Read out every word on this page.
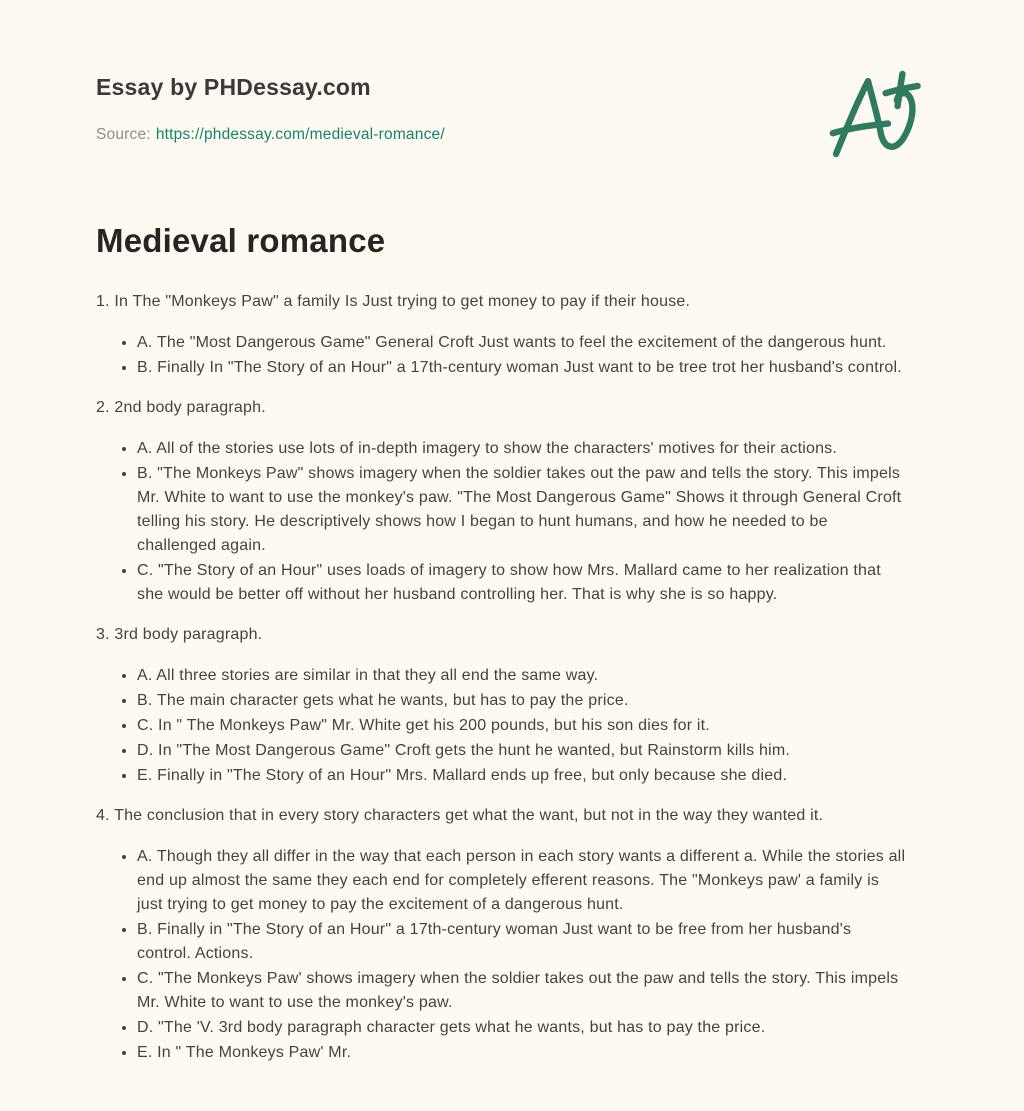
Essay by PHDessay.com

Source: https://phdessay.com/medieval-romance/

Medieval romance

1. In The "Monkeys Paw" a family Is Just trying to get money to pay if their house.

• A. The "Most Dangerous Game" General Croft Just wants to feel the excitement of the dangerous hunt.
• B. Finally In "The Story of an Hour" a 17th-century woman Just want to be tree trot her husband's control.

2. 2nd body paragraph.

• A. All of the stories use lots of in-depth imagery to show the characters' motives for their actions.
• B. "The Monkeys Paw" shows imagery when the soldier takes out the paw and tells the story. This impels Mr. White to want to use the monkey's paw. "The Most Dangerous Game" Shows it through General Croft telling his story. He descriptively shows how I began to hunt humans, and how he needed to be challenged again.
• C. "The Story of an Hour" uses loads of imagery to show how Mrs. Mallard came to her realization that she would be better off without her husband controlling her. That is why she is so happy.

3. 3rd body paragraph.

• A. All three stories are similar in that they all end the same way.
• B. The main character gets what he wants, but has to pay the price.
• C. In " The Monkeys Paw" Mr. White get his 200 pounds, but his son dies for it.
• D. In "The Most Dangerous Game" Croft gets the hunt he wanted, but Rainstorm kills him.
• E. Finally in "The Story of an Hour" Mrs. Mallard ends up free, but only because she died.

4. The conclusion that in every story characters get what the want, but not in the way they wanted it.

• A. Though they all differ in the way that each person in each story wants a different a. While the stories all end up almost the same they each end for completely efferent reasons. The "Monkeys paw' a family is just trying to get money to pay the excitement of a dangerous hunt.
• B. Finally in "The Story of an Hour" a 17th-century woman Just want to be free from her husband's control. Actions.
• C. "The Monkeys Paw' shows imagery when the soldier takes out the paw and tells the story. This impels Mr. White to want to use the monkey's paw.
• D. "The 'V. 3rd body paragraph character gets what he wants, but has to pay the price.
• E. In " The Monkeys Paw' Mr.
